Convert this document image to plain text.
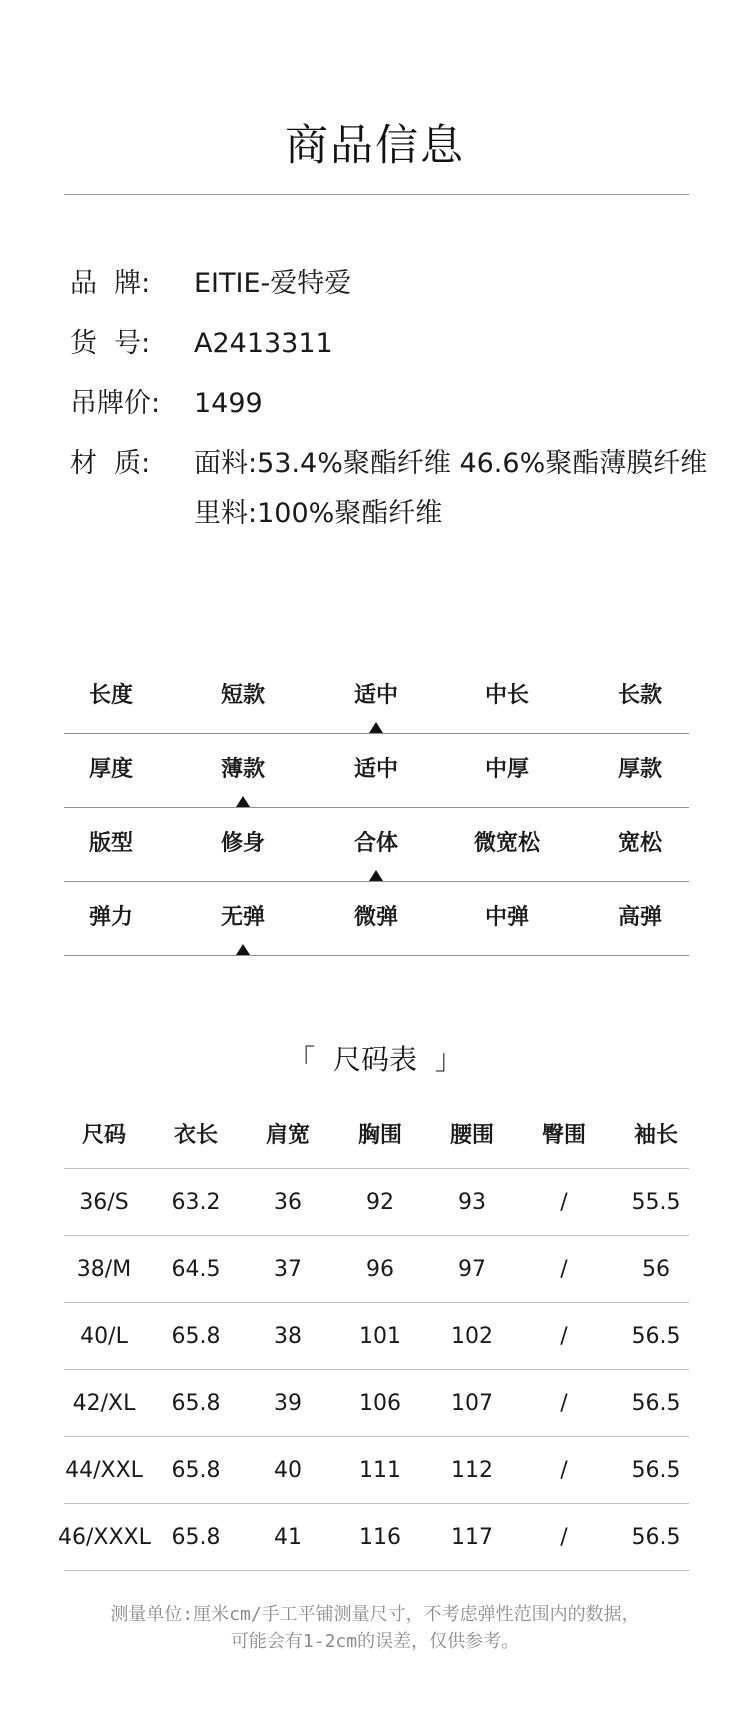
商品信息
品  牌:	EITIE-爱特爱
货  号:	A2413311
吊牌价:	1499
材  质:	面料:53.4%聚酯纤维 46.6%聚酯薄膜纤维
里料:100%聚酯纤维
长度	短款	适中	中长	长款
厚度	薄款	适中	中厚	厚款
版型	修身	合体	微宽松	宽松
弹力	无弹	微弹	中弹	高弹
「  尺码表  」
尺码	衣长	肩宽	胸围	腰围	臀围	袖长
36/S	63.2	36	92	93	/	55.5
38/M	64.5	37	96	97	/	56
40/L	65.8	38	101	102	/	56.5
42/XL	65.8	39	106	107	/	56.5
44/XXL	65.8	40	111	112	/	56.5
46/XXXL 65.8	41	116	117	/	56.5
测量单位:厘米cm/手工平铺测量尺寸，不考虑弹性范围内的数据，
可能会有1-2cm的误差，仅供参考。
